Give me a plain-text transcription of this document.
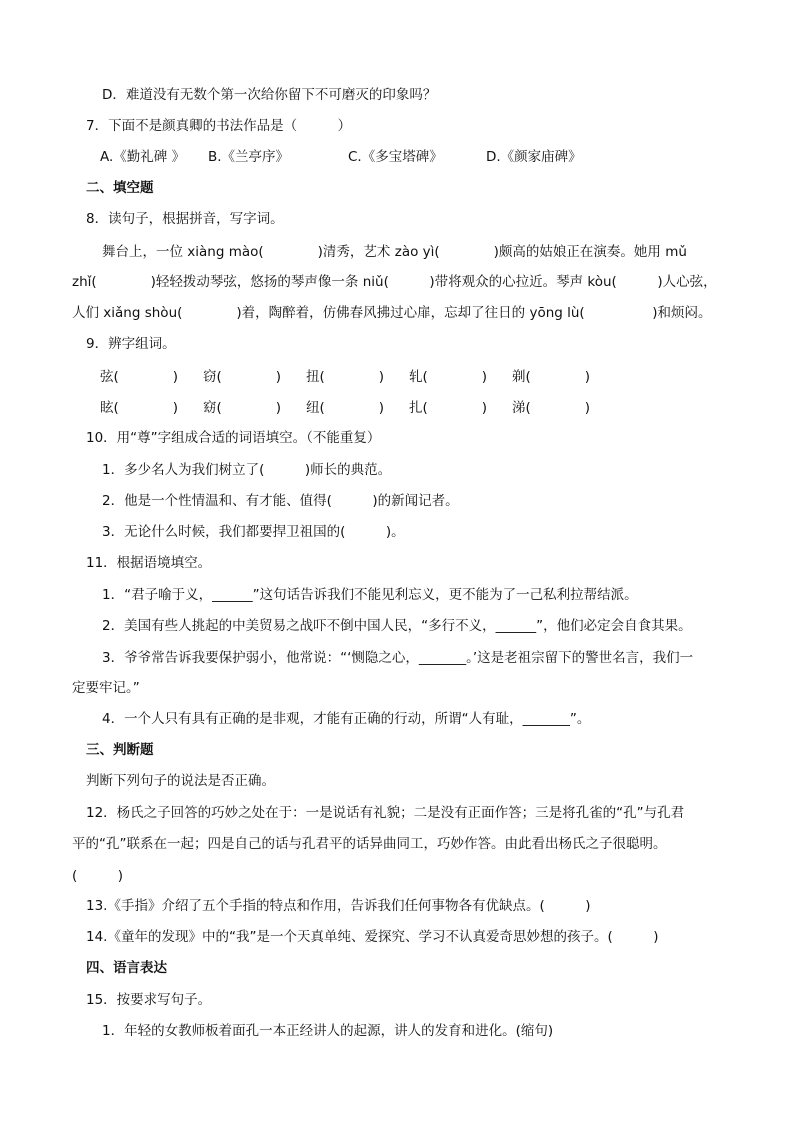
D．难道没有无数个第一次给你留下不可磨灭的印象吗？
7．下面不是颜真卿的书法作品是（　　　）
A.《勤礼碑 》 B.《兰亭序》	C.《多宝塔碑》	D.《颜家庙碑》
二、填空题
8．读句子，根据拼音，写字词。
舞台上，一位 xiàng mào(　　　　)清秀，艺术 zào yì(　　　　)颇高的姑娘正在演奏。她用 mǔ
zhǐ(　　　　)轻轻拨动琴弦，悠扬的琴声像一条 niǔ(　　　)带将观众的心拉近。琴声 kòu(　　　)人心弦，
人们 xiǎng shòu(　　　　)着，陶醉着，仿佛春风拂过心扉，忘却了往日的 yōng lù(　　　　　)和烦闷。
9．辨字组词。
弦(　　　　) 窃(　　　　) 扭(　　　　) 轧(　　　　) 剃(　　　　)
眩(　　　　) 窈(　　　　) 纽(　　　　) 扎(　　　　) 涕(　　　　)
10．用“尊”字组成合适的词语填空。（不能重复）
1．多少名人为我们树立了(　　　)师长的典范。
2．他是一个性情温和、有才能、值得(　　　)的新闻记者。
3．无论什么时候，我们都要捍卫祖国的(　　　)。
11．根据语境填空。
1．“君子喻于义，______”这句话告诉我们不能见利忘义，更不能为了一己私利拉帮结派。
2．美国有些人挑起的中美贸易之战吓不倒中国人民，“多行不义，______”，他们必定会自食其果。
3．爷爷常告诉我要保护弱小，他常说：“‘恻隐之心，_______。’这是老祖宗留下的警世名言，我们一
定要牢记。”
4．一个人只有具有正确的是非观，才能有正确的行动，所谓“人有耻，_______”。
三、判断题
判断下列句子的说法是否正确。
12．杨氏之子回答的巧妙之处在于：一是说话有礼貌；二是没有正面作答；三是将孔雀的“孔”与孔君
平的“孔”联系在一起；四是自己的话与孔君平的话异曲同工，巧妙作答。由此看出杨氏之子很聪明。
(　　　)
13.《手指》介绍了五个手指的特点和作用，告诉我们任何事物各有优缺点。(　　　)
14.《童年的发现》中的“我”是一个天真单纯、爱探究、学习不认真爱奇思妙想的孩子。(　　　)
四、语言表达
15．按要求写句子。
1．年轻的女教师板着面孔一本正经讲人的起源，讲人的发育和进化。(缩句)
